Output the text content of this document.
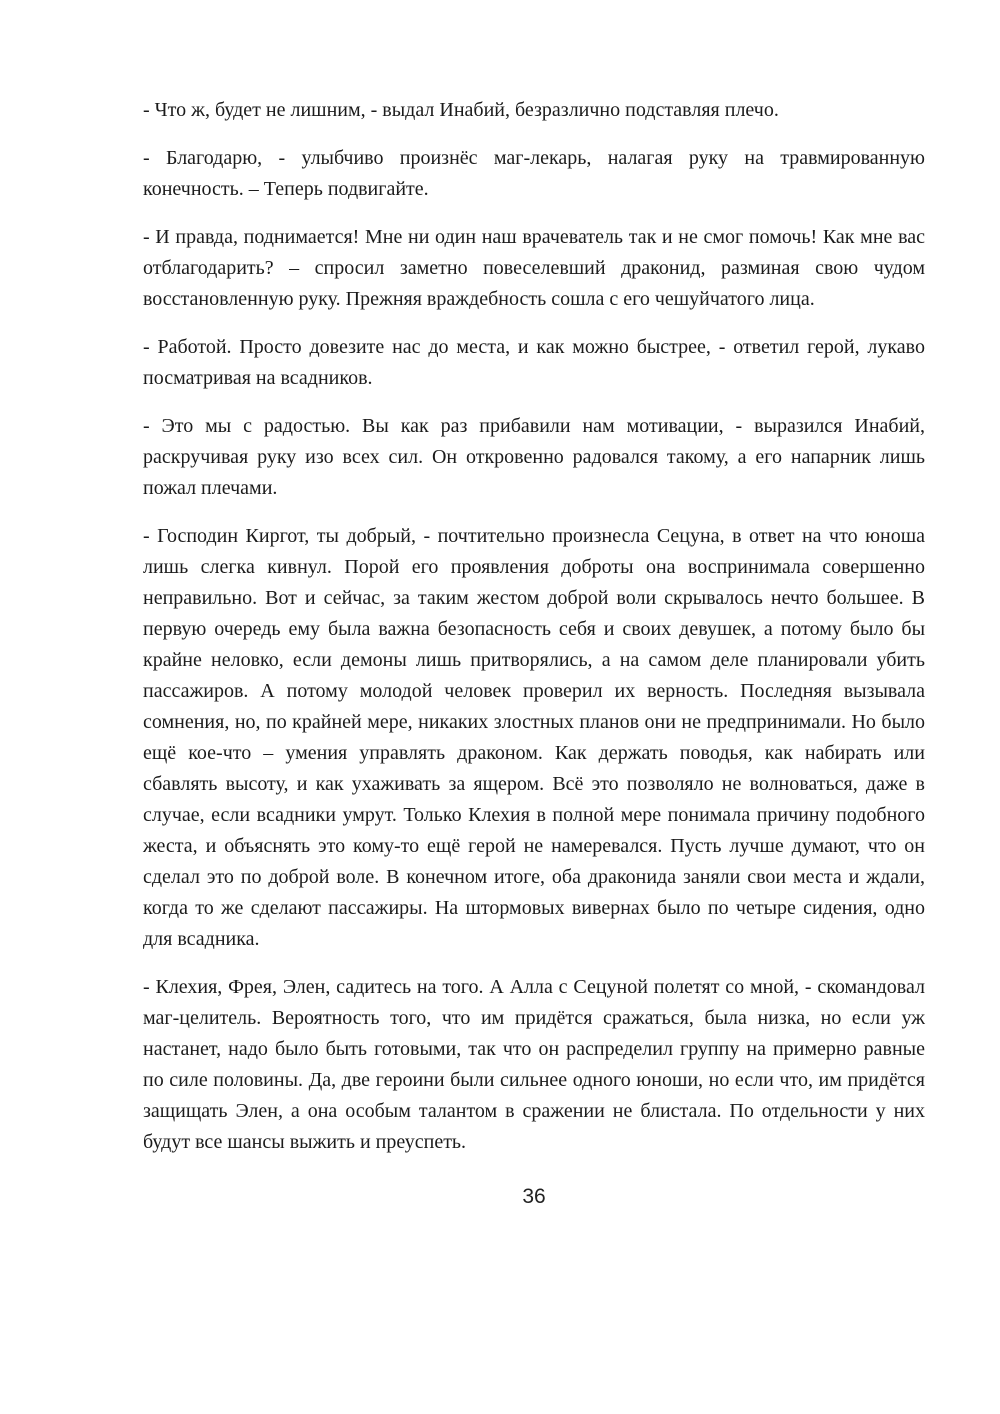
- Что ж, будет не лишним, - выдал Инабий, безразлично подставляя плечо.

- Благодарю, - улыбчиво произнёс маг-лекарь, налагая руку на травмированную конечность. – Теперь подвигайте.

- И правда, поднимается! Мне ни один наш врачеватель так и не смог помочь! Как мне вас отблагодарить? – спросил заметно повеселевший драконид, разминая свою чудом восстановленную руку. Прежняя враждебность сошла с его чешуйчатого лица.

- Работой. Просто довезите нас до места, и как можно быстрее, - ответил герой, лукаво посматривая на всадников.

- Это мы с радостью. Вы как раз прибавили нам мотивации, - выразился Инабий, раскручивая руку изо всех сил. Он откровенно радовался такому, а его напарник лишь пожал плечами.

- Господин Киргот, ты добрый, - почтительно произнесла Сецуна, в ответ на что юноша лишь слегка кивнул. Порой его проявления доброты она воспринимала совершенно неправильно. Вот и сейчас, за таким жестом доброй воли скрывалось нечто большее. В первую очередь ему была важна безопасность себя и своих девушек, а потому было бы крайне неловко, если демоны лишь притворялись, а на самом деле планировали убить пассажиров. А потому молодой человек проверил их верность. Последняя вызывала сомнения, но, по крайней мере, никаких злостных планов они не предпринимали. Но было ещё кое-что – умения управлять драконом. Как держать поводья, как набирать или сбавлять высоту, и как ухаживать за ящером. Всё это позволяло не волноваться, даже в случае, если всадники умрут. Только Клехия в полной мере понимала причину подобного жеста, и объяснять это кому-то ещё герой не намеревался. Пусть лучше думают, что он сделал это по доброй воле. В конечном итоге, оба драконида заняли свои места и ждали, когда то же сделают пассажиры. На штормовых вивернах было по четыре сидения, одно для всадника.

- Клехия, Фрея, Элен, садитесь на того. А Алла с Сецуной полетят со мной, - скомандовал маг-целитель. Вероятность того, что им придётся сражаться, была низка, но если уж настанет, надо было быть готовыми, так что он распределил группу на примерно равные по силе половины. Да, две героини были сильнее одного юноши, но если что, им придётся защищать Элен, а она особым талантом в сражении не блистала. По отдельности у них будут все шансы выжить и преуспеть.

36
